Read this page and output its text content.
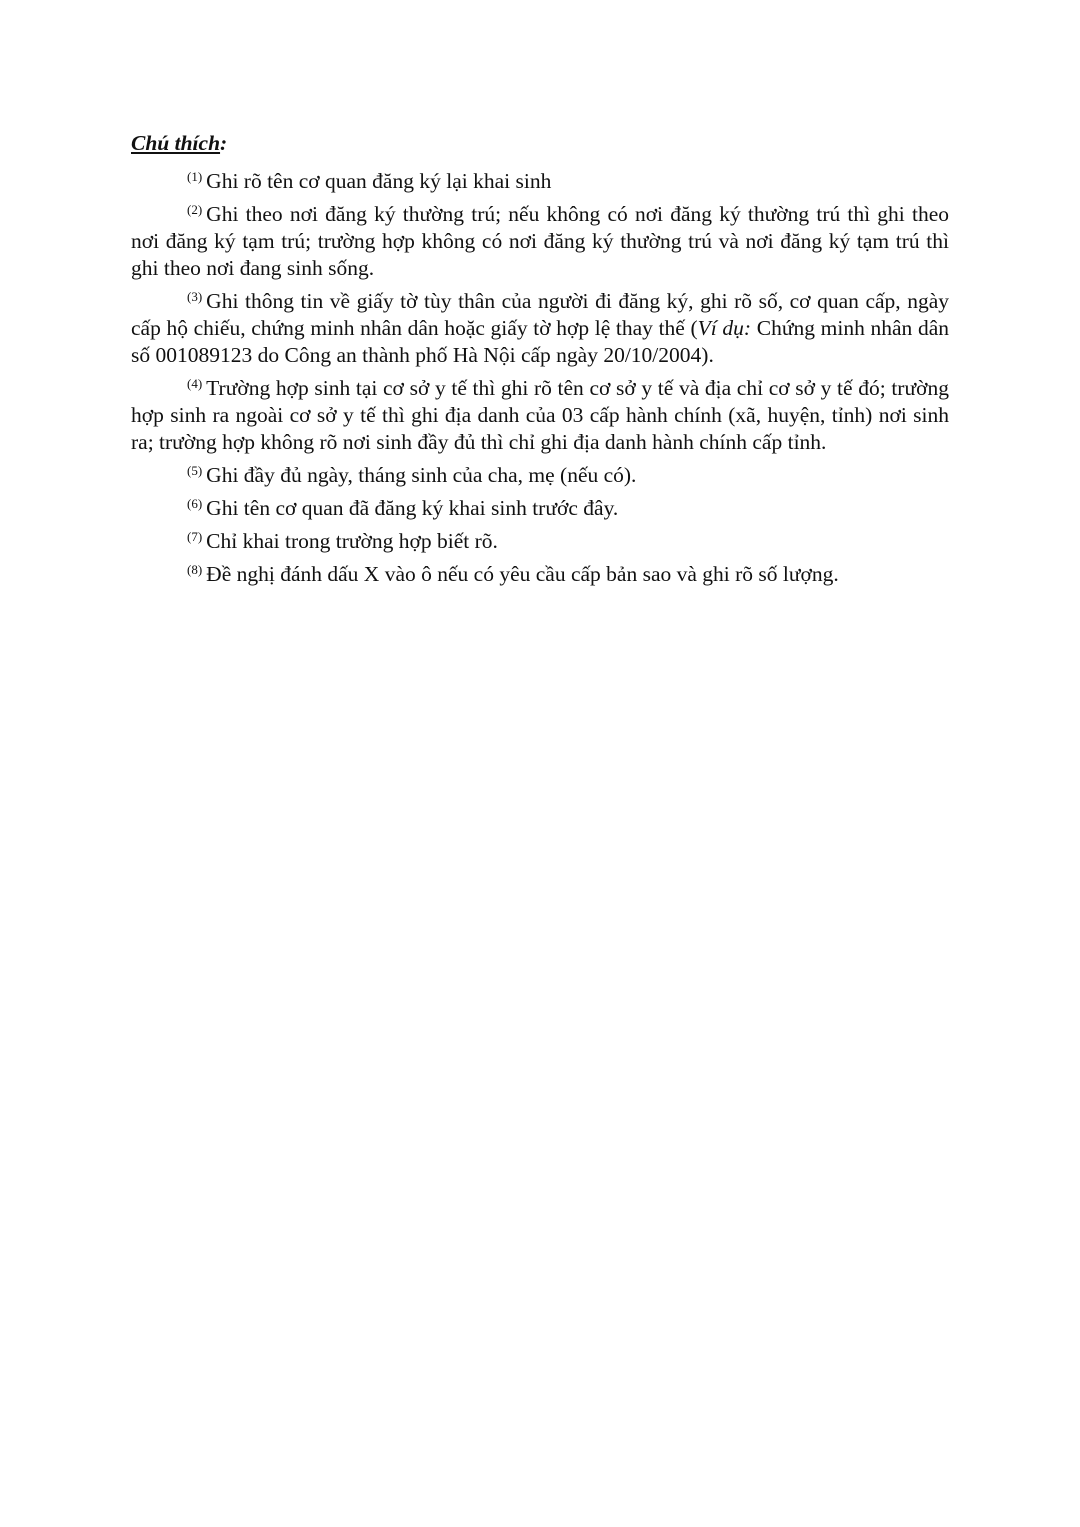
Chú thích:

$^{(1)}$ Ghi rõ tên cơ quan đăng ký lại khai sinh

$^{(2)}$ Ghi theo nơi đăng ký thường trú; nếu không có nơi đăng ký thường trú thì ghi theo nơi đăng ký tạm trú; trường hợp không có nơi đăng ký thường trú và nơi đăng ký tạm trú thì ghi theo nơi đang sinh sống.

$^{(3)}$ Ghi thông tin về giấy tờ tùy thân của người đi đăng ký, ghi rõ số, cơ quan cấp, ngày cấp hộ chiếu, chứng minh nhân dân hoặc giấy tờ hợp lệ thay thế (Ví dụ: Chứng minh nhân dân số 001089123 do Công an thành phố Hà Nội cấp ngày 20/10/2004).

$^{(4)}$ Trường hợp sinh tại cơ sở y tế thì ghi rõ tên cơ sở y tế và địa chỉ cơ sở y tế đó; trường hợp sinh ra ngoài cơ sở y tế thì ghi địa danh của 03 cấp hành chính (xã, huyện, tỉnh) nơi sinh ra; trường hợp không rõ nơi sinh đầy đủ thì chỉ ghi địa danh hành chính cấp tỉnh.

$^{(5)}$ Ghi đầy đủ ngày, tháng sinh của cha, mẹ (nếu có).

$^{(6)}$ Ghi tên cơ quan đã đăng ký khai sinh trước đây.

$^{(7)}$ Chỉ khai trong trường hợp biết rõ.

$^{(8)}$ Đề nghị đánh dấu X vào ô nếu có yêu cầu cấp bản sao và ghi rõ số lượng.
